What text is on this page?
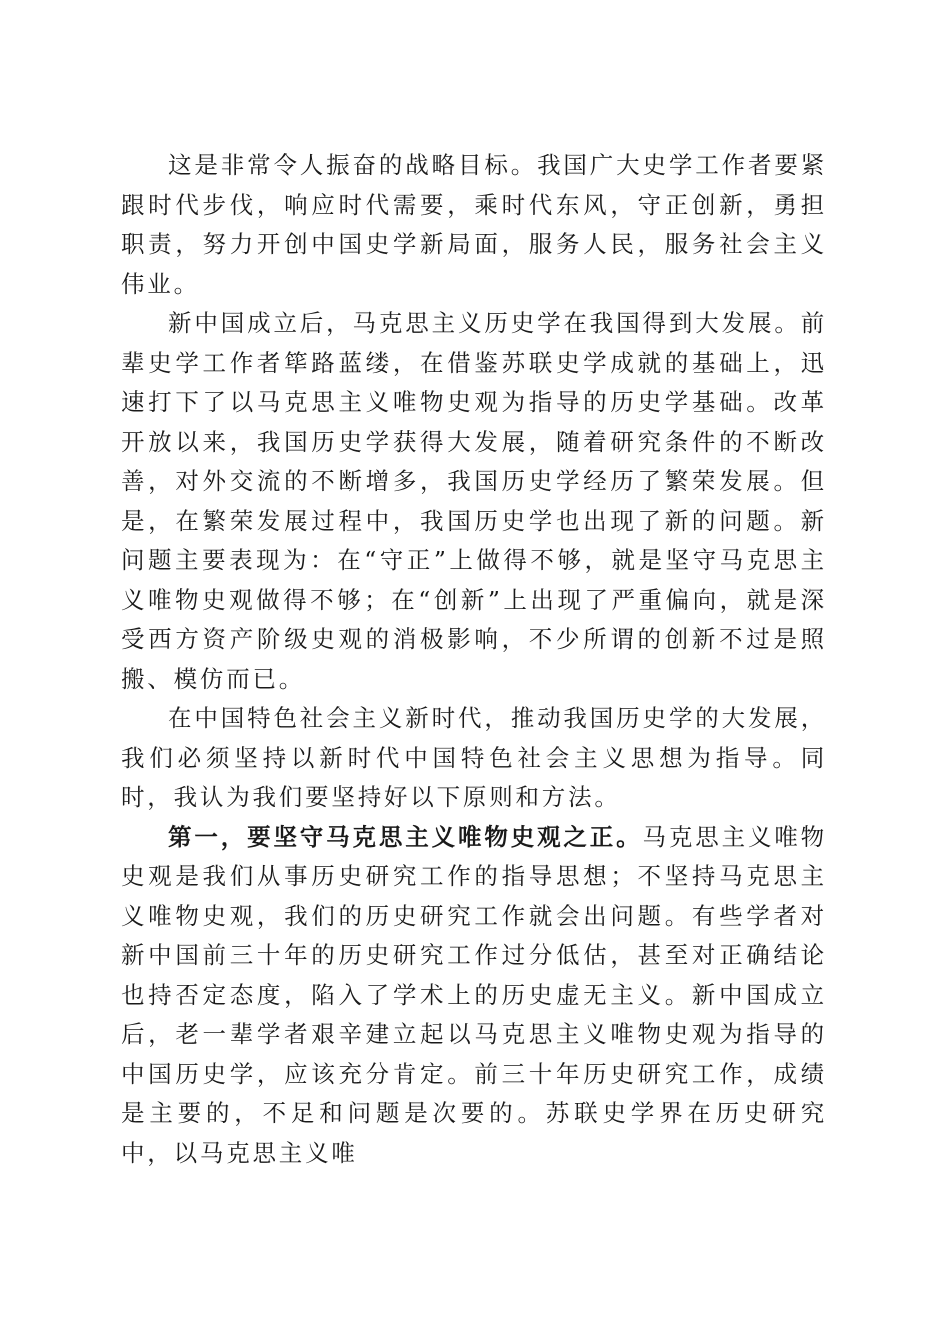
这是非常令人振奋的战略目标。我国广大史学工作者要紧跟时代步伐，响应时代需要，乘时代东风，守正创新，勇担职责，努力开创中国史学新局面，服务人民，服务社会主义伟业。

新中国成立后，马克思主义历史学在我国得到大发展。前辈史学工作者筚路蓝缕，在借鉴苏联史学成就的基础上，迅速打下了以马克思主义唯物史观为指导的历史学基础。改革开放以来，我国历史学获得大发展，随着研究条件的不断改善，对外交流的不断增多，我国历史学经历了繁荣发展。但是，在繁荣发展过程中，我国历史学也出现了新的问题。新问题主要表现为：在“守正”上做得不够，就是坚守马克思主义唯物史观做得不够；在“创新”上出现了严重偏向，就是深受西方资产阶级史观的消极影响，不少所谓的创新不过是照搬、模仿而已。

在中国特色社会主义新时代，推动我国历史学的大发展，我们必须坚持以新时代中国特色社会主义思想为指导。同时，我认为我们要坚持好以下原则和方法。

第一，要坚守马克思主义唯物史观之正。马克思主义唯物史观是我们从事历史研究工作的指导思想；不坚持马克思主义唯物史观，我们的历史研究工作就会出问题。有些学者对新中国前三十年的历史研究工作过分低估，甚至对正确结论也持否定态度，陷入了学术上的历史虚无主义。新中国成立后，老一辈学者艰辛建立起以马克思主义唯物史观为指导的中国历史学，应该充分肯定。前三十年历史研究工作，成绩是主要的，不足和问题是次要的。苏联史学界在历史研究中，以马克思主义唯
